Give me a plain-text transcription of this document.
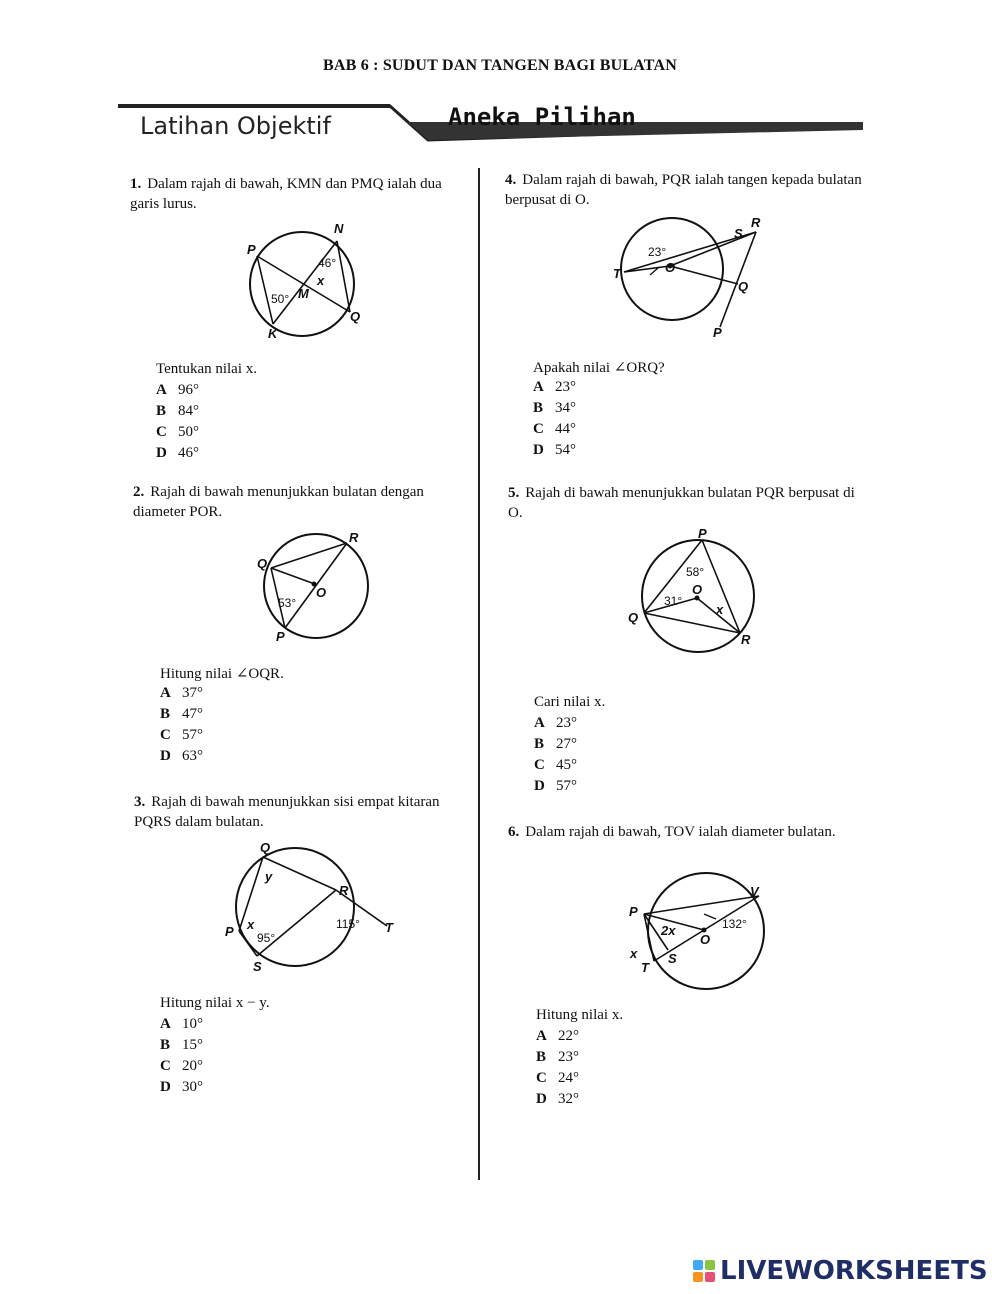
BAB 6 : SUDUT DAN TANGEN BAGI BULATAN
Latihan Objektif	Aneka Pilihan
1. Dalam rajah di bawah, KMN dan PMQ ialah dua garis lurus.
P
N
M
K
Q
x
46°
50°
Tentukan nilai x.
A 96°
B 84°
C 50°
D 46°
2. Rajah di bawah menunjukkan bulatan dengan diameter POR.
Q
R
O
P
53°
Hitung nilai ∠OQR.
A 37°
B 47°
C 57°
D 63°
3. Rajah di bawah menunjukkan sisi empat kitaran PQRS dalam bulatan.
Q
y
R
P x
S
T
115°
95°
Hitung nilai x − y.
A 10°
B 15°
C 20°
D 30°
4. Dalam rajah di bawah, PQR ialah tangen kepada bulatan berpusat di O.
S
R
T	O
Q
P
23°
Apakah nilai ∠ORQ?
A 23°
B 34°
C 44°
D 54°
5. Rajah di bawah menunjukkan bulatan PQR berpusat di O.
P
O
Q
R
x
58°
31°
Cari nilai x.
A 23°
B 27°
C 45°
D 57°
6. Dalam rajah di bawah, TOV ialah diameter bulatan.
V
P
O
S
T
x
2x	132°
Hitung nilai x.
A 22°
B 23°
C 24°
D 32°
LIVEWORKSHEETS
